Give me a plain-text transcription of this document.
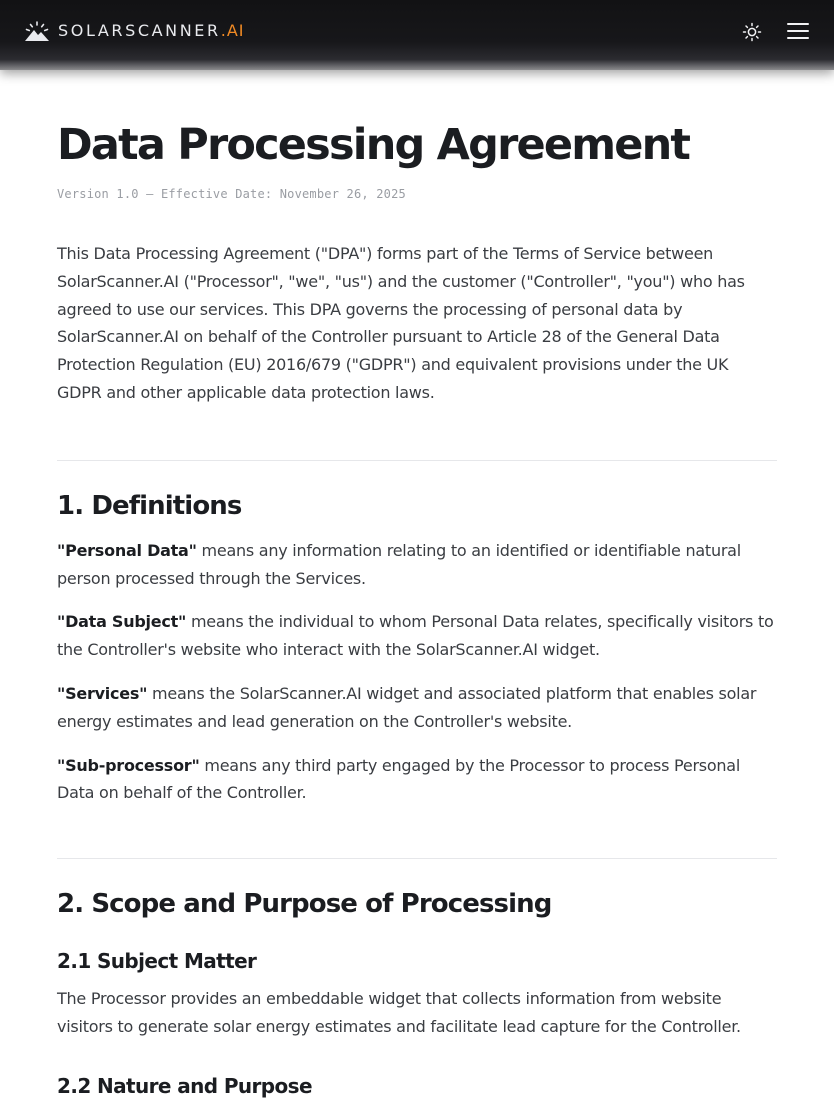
SOLARSCANNER.AI
Data Processing Agreement
Version 1.0 — Effective Date: November 26, 2025

This Data Processing Agreement ("DPA") forms part of the Terms of Service between SolarScanner.AI ("Processor", "we", "us") and the customer ("Controller", "you") who has agreed to use our services. This DPA governs the processing of personal data by SolarScanner.AI on behalf of the Controller pursuant to Article 28 of the General Data Protection Regulation (EU) 2016/679 ("GDPR") and equivalent provisions under the UK GDPR and other applicable data protection laws.

1. Definitions

"Personal Data" means any information relating to an identified or identifiable natural person processed through the Services.

"Data Subject" means the individual to whom Personal Data relates, specifically visitors to the Controller's website who interact with the SolarScanner.AI widget.

"Services" means the SolarScanner.AI widget and associated platform that enables solar energy estimates and lead generation on the Controller's website.

"Sub-processor" means any third party engaged by the Processor to process Personal Data on behalf of the Controller.

2. Scope and Purpose of Processing
2.1 Subject Matter

The Processor provides an embeddable widget that collects information from website visitors to generate solar energy estimates and facilitate lead capture for the Controller.

2.2 Nature and Purpose
